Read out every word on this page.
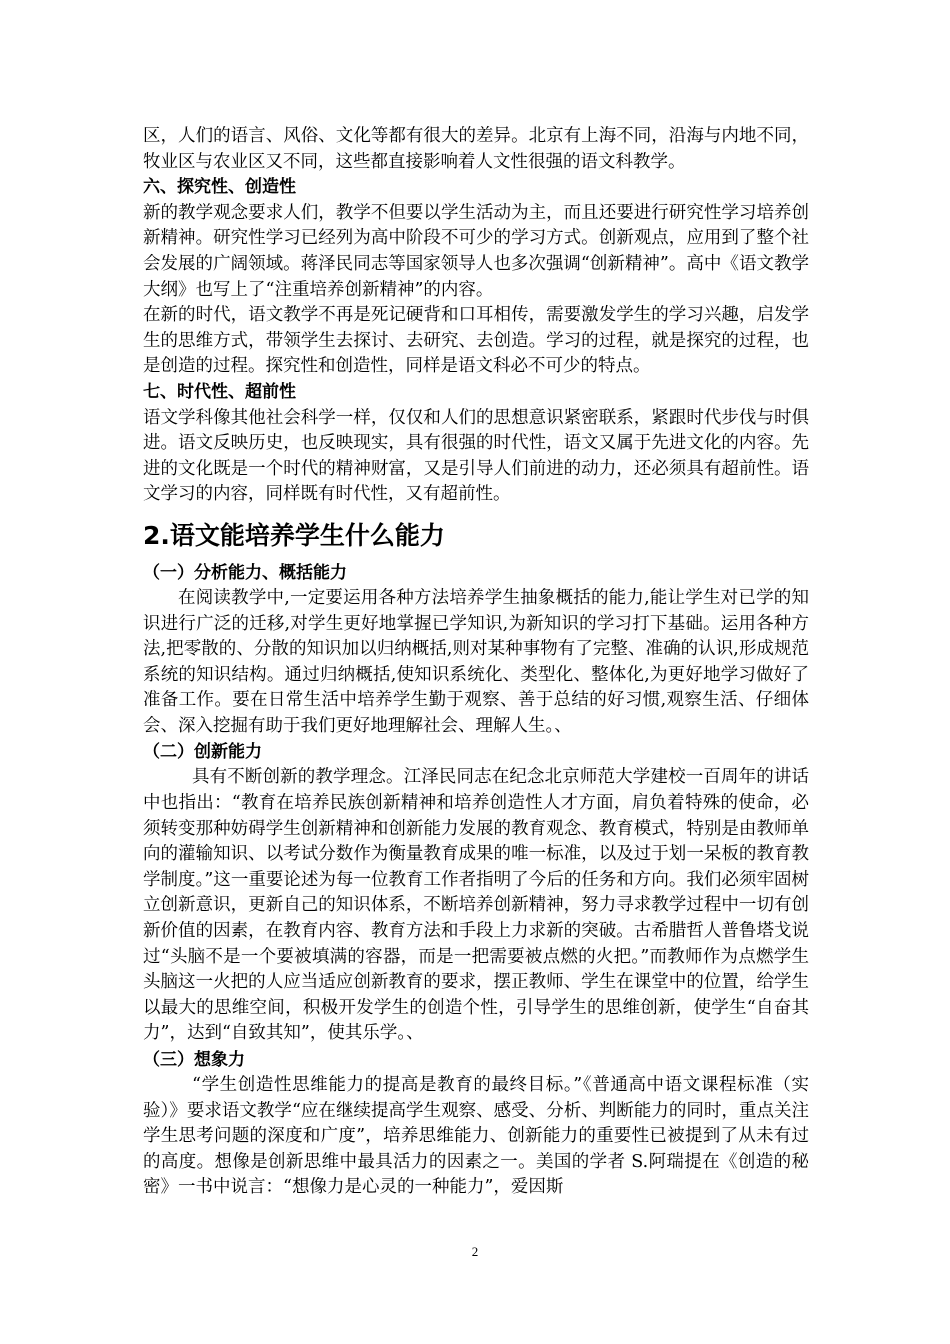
区，人们的语言、风俗、文化等都有很大的差异。北京有上海不同，沿海与内地不同，牧业区与农业区又不同，这些都直接影响着人文性很强的语文科教学。

六、探究性、创造性

新的教学观念要求人们，教学不但要以学生活动为主，而且还要进行研究性学习培养创新精神。研究性学习已经列为高中阶段不可少的学习方式。创新观点，应用到了整个社会发展的广阔领域。蒋泽民同志等国家领导人也多次强调“创新精神”。高中《语文教学大纲》也写上了“注重培养创新精神”的内容。

在新的时代，语文教学不再是死记硬背和口耳相传，需要激发学生的学习兴趣，启发学生的思维方式，带领学生去探讨、去研究、去创造。学习的过程，就是探究的过程，也是创造的过程。探究性和创造性，同样是语文科必不可少的特点。

七、时代性、超前性

语文学科像其他社会科学一样，仅仅和人们的思想意识紧密联系，紧跟时代步伐与时俱进。语文反映历史，也反映现实，具有很强的时代性，语文又属于先进文化的内容。先进的文化既是一个时代的精神财富，又是引导人们前进的动力，还必须具有超前性。语文学习的内容，同样既有时代性，又有超前性。

2.语文能培养学生什么能力

（一）分析能力、概括能力

在阅读教学中,一定要运用各种方法培养学生抽象概括的能力,能让学生对已学的知识进行广泛的迁移,对学生更好地掌握已学知识,为新知识的学习打下基础。运用各种方法,把零散的、分散的知识加以归纳概括,则对某种事物有了完整、准确的认识,形成规范系统的知识结构。通过归纳概括,使知识系统化、类型化、整体化,为更好地学习做好了准备工作。要在日常生活中培养学生勤于观察、善于总结的好习惯,观察生活、仔细体会、深入挖掘有助于我们更好地理解社会、理解人生。、

（二）创新能力

具有不断创新的教学理念。江泽民同志在纪念北京师范大学建校一百周年的讲话中也指出：“教育在培养民族创新精神和培养创造性人才方面，肩负着特殊的使命，必须转变那种妨碍学生创新精神和创新能力发展的教育观念、教育模式，特别是由教师单向的灌输知识、以考试分数作为衡量教育成果的唯一标准，以及过于划一呆板的教育教学制度。”这一重要论述为每一位教育工作者指明了今后的任务和方向。我们必须牢固树立创新意识，更新自己的知识体系，不断培养创新精神，努力寻求教学过程中一切有创新价值的因素，在教育内容、教育方法和手段上力求新的突破。古希腊哲人普鲁塔戈说过“头脑不是一个要被填满的容器，而是一把需要被点燃的火把。”而教师作为点燃学生头脑这一火把的人应当适应创新教育的要求，摆正教师、学生在课堂中的位置，给学生以最大的思维空间，积极开发学生的创造个性，引导学生的思维创新，使学生“自奋其力”，达到“自致其知”，使其乐学。、

（三）想象力

“学生创造性思维能力的提高是教育的最终目标。”《普通高中语文课程标准（实验）》要求语文教学“应在继续提高学生观察、感受、分析、判断能力的同时，重点关注学生思考问题的深度和广度”，培养思维能力、创新能力的重要性已被提到了从未有过的高度。想像是创新思维中最具活力的因素之一。美国的学者 S.阿瑞提在《创造的秘密》一书中说言：“想像力是心灵的一种能力”，爱因斯

2
